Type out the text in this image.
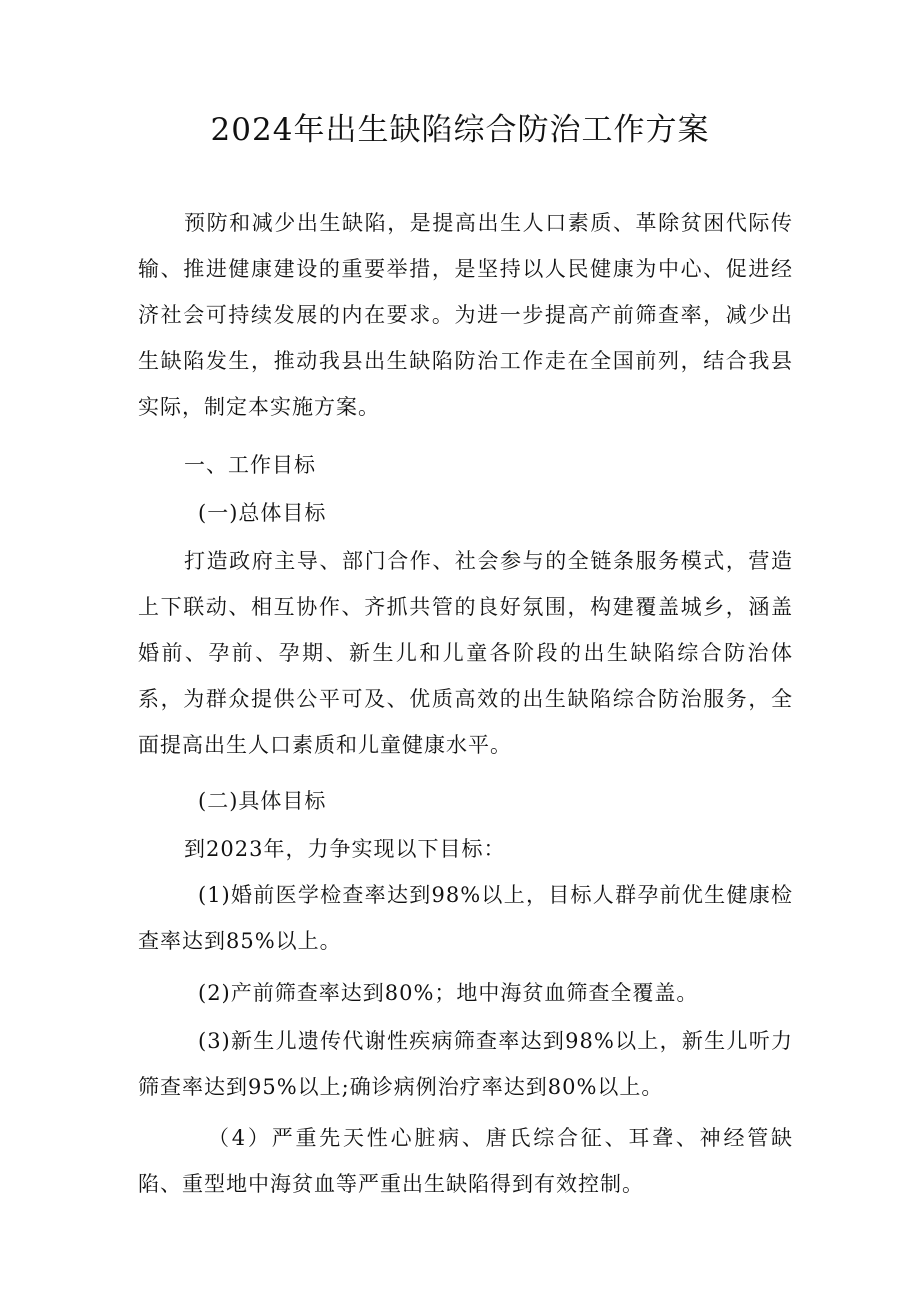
2024年出生缺陷综合防治工作方案

预防和减少出生缺陷，是提高出生人口素质、革除贫困代际传输、推进健康建设的重要举措，是坚持以人民健康为中心、促进经济社会可持续发展的内在要求。为进一步提高产前筛查率，减少出生缺陷发生，推动我县出生缺陷防治工作走在全国前列，结合我县实际，制定本实施方案。

一、工作目标
(一)总体目标

打造政府主导、部门合作、社会参与的全链条服务模式，营造上下联动、相互协作、齐抓共管的良好氛围，构建覆盖城乡，涵盖婚前、孕前、孕期、新生儿和儿童各阶段的出生缺陷综合防治体系，为群众提供公平可及、优质高效的出生缺陷综合防治服务，全面提高出生人口素质和儿童健康水平。

(二)具体目标
到2023年，力争实现以下目标：

(1)婚前医学检查率达到98%以上，目标人群孕前优生健康检查率达到85%以上。

(2)产前筛查率达到80%；地中海贫血筛查全覆盖。

(3)新生儿遗传代谢性疾病筛查率达到98%以上，新生儿听力筛查率达到95%以上;确诊病例治疗率达到80%以上。

（4）严重先天性心脏病、唐氏综合征、耳聋、神经管缺陷、重型地中海贫血等严重出生缺陷得到有效控制。
